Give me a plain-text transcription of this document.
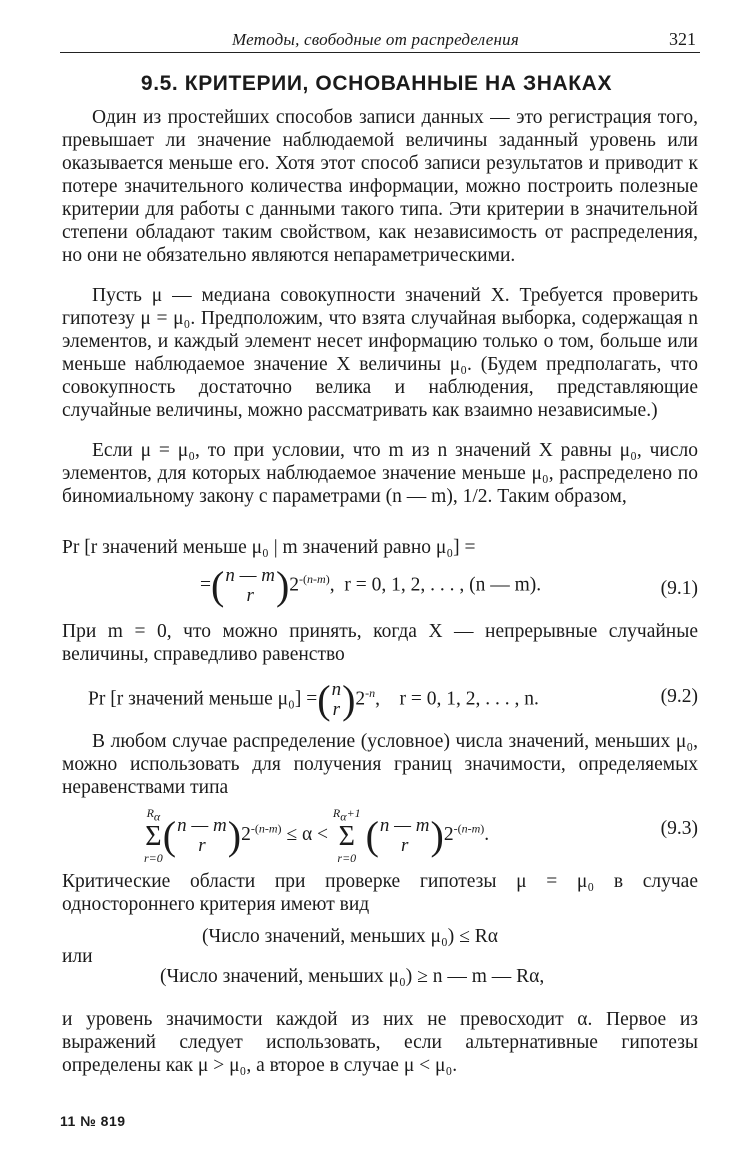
Методы, свободные от распределения	321
9.5. КРИТЕРИИ, ОСНОВАННЫЕ НА ЗНАКАХ

Один из простейших способов записи данных — это регистрация того, превышает ли значение наблюдаемой величины заданный уровень или оказывается меньше его. Хотя этот способ записи результатов и приводит к потере значительного количества информации, можно построить полезные критерии для работы с данными такого типа. Эти критерии в значительной степени обладают таким свойством, как независимость от распределения, но они не обязательно являются непараметрическими.

Пусть μ — медиана совокупности значений X. Требуется проверить гипотезу μ = μ₀. Предположим, что взята случайная выборка, содержащая n элементов, и каждый элемент несет информацию только о том, больше или меньше наблюдаемое значение X величины μ₀. (Будем предполагать, что совокупность достаточно велика и наблюдения, представляющие случайные величины, можно рассматривать как взаимно независимые.)

Если μ = μ₀, то при условии, что m из n значений X равны μ₀, число элементов, для которых наблюдаемое значение меньше μ₀, распределено по биномиальному закону с параметрами (n — m), 1/2. Таким образом,

Pr [r значений меньше μ₀ | m значений равно μ₀] =
=(n — m
r )$2^{-(n-m)}$,  r = 0, 1, 2, . . . , (n — m).	(9.1)

При m = 0, что можно принять, когда X — непрерывные случайные величины, справедливо равенство

Pr [r значений меньше μ₀] =(n
$r)2^{-n}$,    r = 0, 1, 2, . . . , n.	(9.2)

В любом случае распределение (условное) числа значений, меньших μ₀, можно использовать для получения границ значимости, определяемых неравенствами типа

$R_\alpha$
Σ
r=0
(n — m
r )$2^{-(n-m)} \le \alpha$ <
$R_\alpha+1$
Σ
r=0
(n — m
r )$2^{-(n-m)}$.	(9.3)

Критические области при проверке гипотезы μ = μ₀ в случае одностороннего критерия имеют вид

(Число значений, меньших μ₀) ≤ Rα
или
(Число значений, меньших μ₀) ≥ n — m — Rα,

и уровень значимости каждой из них не превосходит α. Первое из выражений следует использовать, если альтернативные гипотезы определены как μ > μ₀, а второе в случае μ < μ₀.

11 № 819
